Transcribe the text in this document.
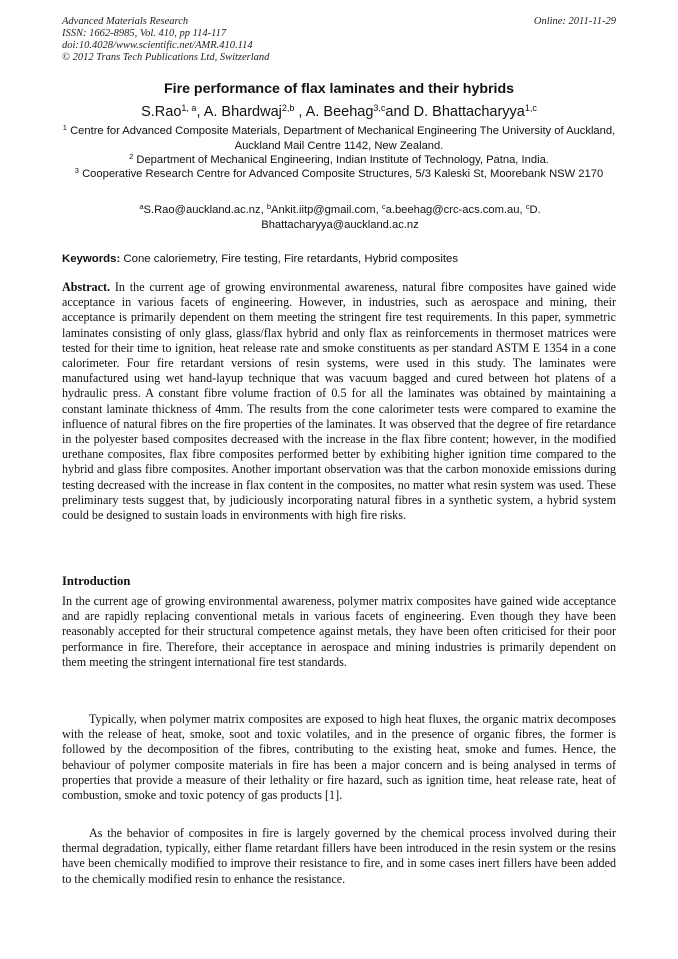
Advanced Materials Research
ISSN: 1662-8985, Vol. 410, pp 114-117
doi:10.4028/www.scientific.net/AMR.410.114
© 2012 Trans Tech Publications Ltd, Switzerland
Online: 2011-11-29
Fire performance of flax laminates and their hybrids
S.Rao$^{1, a}$, A. Bhardwaj$^{2,b}$ , A. Beehag$^{3,c}$and D. Bhattacharyya$^{1,c}$
$^1$ Centre for Advanced Composite Materials, Department of Mechanical Engineering The University of Auckland, Auckland Mail Centre 1142, New Zealand.
$^2$ Department of Mechanical Engineering, Indian Institute of Technology, Patna, India.
$^3$ Cooperative Research Centre for Advanced Composite Structures, 5/3 Kaleski St, Moorebank NSW 2170
$^a$S.Rao@auckland.ac.nz, $^b$Ankit.iitp@gmail.com, $^c$a.beehag@crc-acs.com.au, $^c$D. Bhattacharyya@auckland.ac.nz
Keywords: Cone caloriemetry, Fire testing, Fire retardants, Hybrid composites
Abstract. In the current age of growing environmental awareness, natural fibre composites have gained wide acceptance in various facets of engineering. However, in industries, such as aerospace and mining, their acceptance is primarily dependent on them meeting the stringent fire test requirements. In this paper, symmetric laminates consisting of only glass, glass/flax hybrid and only flax as reinforcements in thermoset matrices were tested for their time to ignition, heat release rate and smoke constituents as per standard ASTM E 1354 in a cone calorimeter. Four fire retardant versions of resin systems, were used in this study. The laminates were manufactured using wet hand-layup technique that was vacuum bagged and cured between hot platens of a hydraulic press. A constant fibre volume fraction of 0.5 for all the laminates was obtained by maintaining a constant laminate thickness of 4mm. The results from the cone calorimeter tests were compared to examine the influence of natural fibres on the fire properties of the laminates. It was observed that the degree of fire retardance in the polyester based composites decreased with the increase in the flax fibre content; however, in the modified urethane composites, flax fibre composites performed better by exhibiting higher ignition time compared to the hybrid and glass fibre composites. Another important observation was that the carbon monoxide emissions during testing decreased with the increase in flax content in the composites, no matter what resin system was used. These preliminary tests suggest that, by judiciously incorporating natural fibres in a synthetic system, a hybrid system could be designed to sustain loads in environments with high fire risks.
Introduction
In the current age of growing environmental awareness, polymer matrix composites have gained wide acceptance and are rapidly replacing conventional metals in various facets of engineering. Even though they have been reasonably accepted for their structural competence against metals, they have been often criticised for their poor performance in fire. Therefore, their acceptance in aerospace and mining industries is primarily dependent on them meeting the stringent international fire test standards.
Typically, when polymer matrix composites are exposed to high heat fluxes, the organic matrix decomposes with the release of heat, smoke, soot and toxic volatiles, and in the presence of organic fibres, the former is followed by the decomposition of the fibres, contributing to the existing heat, smoke and fumes. Hence, the behaviour of polymer composite materials in fire has been a major concern and is being analysed in terms of properties that provide a measure of their lethality or fire hazard, such as ignition time, heat release rate, heat of combustion, smoke and toxic potency of gas products [1].
As the behavior of composites in fire is largely governed by the chemical process involved during their thermal degradation, typically, either flame retardant fillers have been introduced in the resin system or the resins have been chemically modified to improve their resistance to fire, and in some cases inert fillers have been added to the chemically modified resin to enhance the resistance.
